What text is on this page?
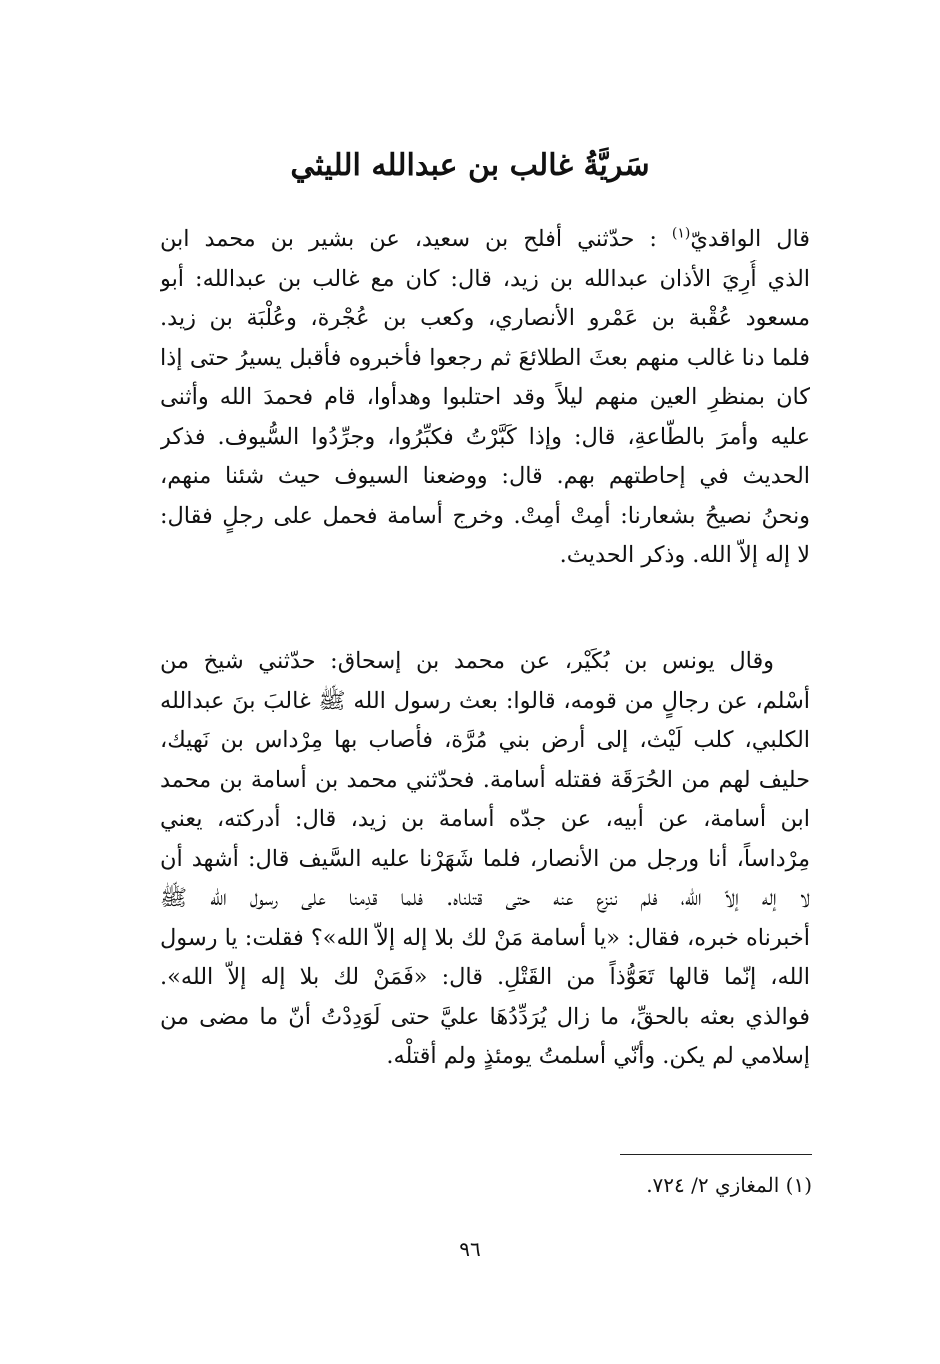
سَريَّةُ غالب بن عبدالله الليثي
قال الواقديّ$^{(١)}$ : حدّثني أفلح بن سعيد، عن بشير بن محمد ابن
الذي أُرِيَ الأذان عبدالله بن زيد، قال: كان مع غالب بن عبدالله: أبو
مسعود عُقْبة بن عَمْرو الأنصاري، وكعب بن عُجْرة، وعُلْبَة بن زيد.
فلما دنا غالب منهم بعثَ الطلائعَ ثم رجعوا فأخبروه فأقبل يسيرُ حتى إذا
كان بمنظرِ العين منهم ليلاً وقد احتلبوا وهدأوا، قام فحمدَ الله وأثنى
عليه وأمرَ بالطّاعةِ، قال: وإذا كَبَّرْتُ فكبِّرُوا، وجرِّدُوا السُّيوف. فذكر
الحديث في إحاطتهم بهم. قال: ووضعنا السيوف حيث شئنا منهم،
ونحنُ نصيحُ بشعارنا: أمِتْ أمِتْ. وخرج أسامة فحمل على رجلٍ فقال:
لا إله إلاّ الله. وذكر الحديث.
وقال يونس بن بُكَيْر، عن محمد بن إسحاق: حدّثني شيخ من
أسْلم، عن رجالٍ من قومه، قالوا: بعث رسول الله ﷺ غالبَ بنَ عبدالله
الكلبي، كلب لَيْث، إلى أرض بني مُرَّة، فأصاب بها مِرْداس بن نَهيك،
حليف لهم من الحُرَقَة فقتله أسامة. فحدّثني محمد بن أسامة بن محمد
ابن أسامة، عن أبيه، عن جدّه أسامة بن زيد، قال: أدركته، يعني
مِرْداساً، أنا ورجل من الأنصار، فلما شَهَرْنا عليه السَّيف قال: أشهد أن
لا إله إلاّ الله، فلم ننزع عنه حتى قتلناه. فلما قدِمنا على رسول الله ﷺ
أخبرناه خبره، فقال: «يا أسامة مَنْ لك بلا إله إلاّ الله»؟ فقلت: يا رسول
الله، إنّما قالها تَعَوُّذاً من القَتْلِ. قال: «فَمَنْ لك بلا إله إلاّ الله».
فوالذي بعثه بالحقِّ، ما زال يُرَدِّدُهَا عليَّ حتى لَوَدِدْتُ أنّ ما مضى من
إسلامي لم يكن. وأنّي أسلمتُ يومئذٍ ولم أقتلْه.
(١) المغازي ٢/ ٧٢٤.
٩٦
